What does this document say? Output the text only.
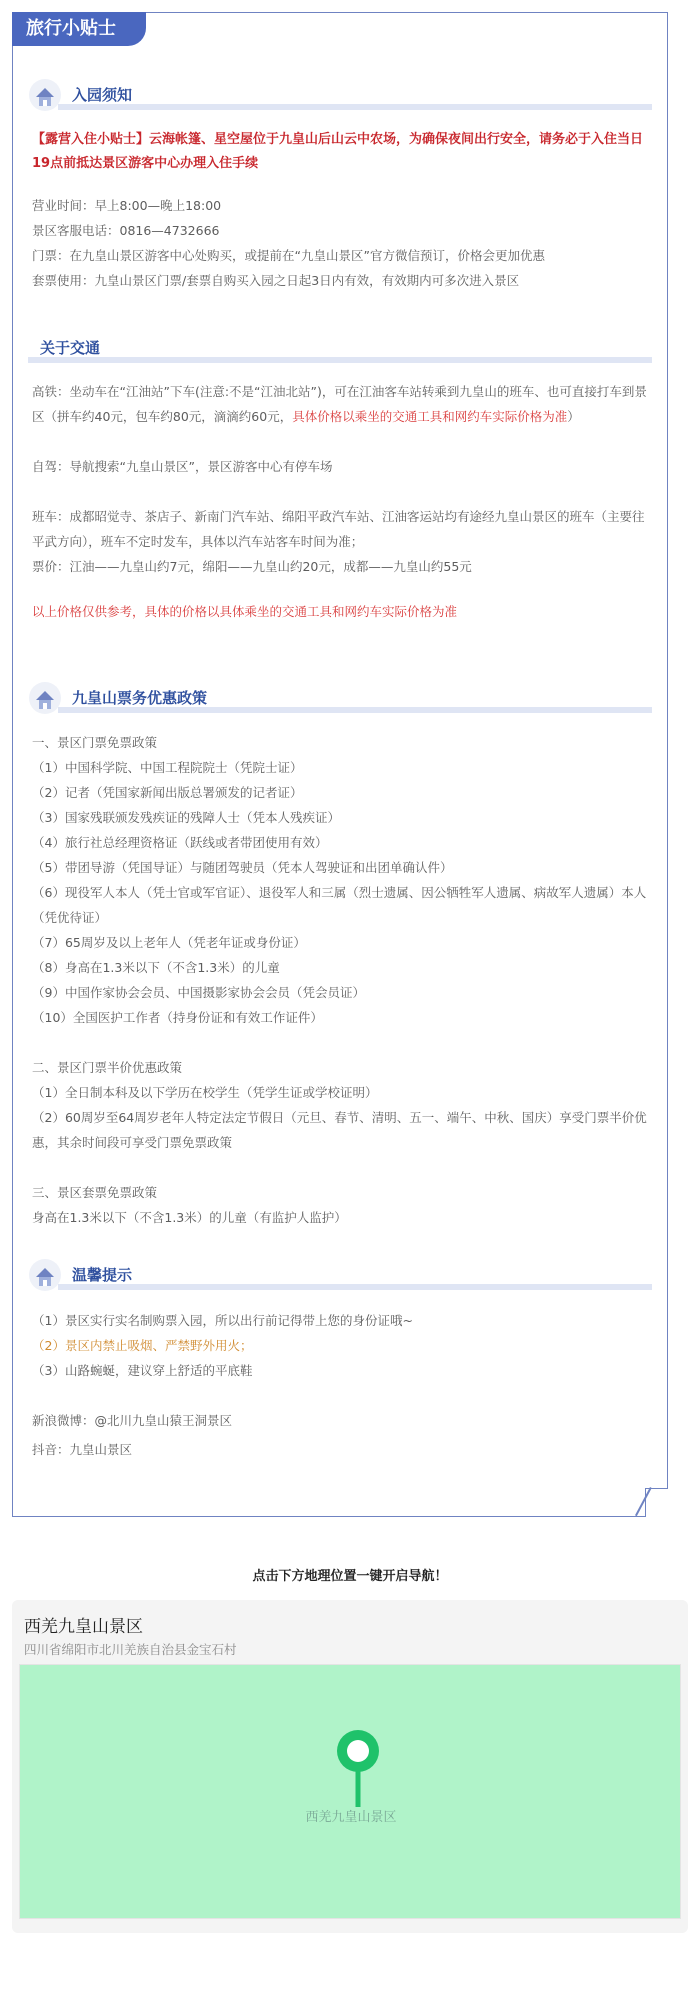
旅行小贴士
入园须知

【露营入住小贴士】云海帐篷、星空屋位于九皇山后山云中农场，为确保夜间出行安全，请务必于入住当日19点前抵达景区游客中心办理入住手续

营业时间：早上8:00—晚上18:00

景区客服电话：0816—4732666

门票：在九皇山景区游客中心处购买，或提前在“九皇山景区”官方微信预订，价格会更加优惠

套票使用：九皇山景区门票/套票自购买入园之日起3日内有效，有效期内可多次进入景区

关于交通

高铁：坐动车在“江油站”下车(注意:不是“江油北站”)，可在江油客车站转乘到九皇山的班车、也可直接打车到景区（拼车约40元，包车约80元，滴滴约60元，具体价格以乘坐的交通工具和网约车实际价格为准）

自驾：导航搜索“九皇山景区”，景区游客中心有停车场

班车：成都昭觉寺、茶店子、新南门汽车站、绵阳平政汽车站、江油客运站均有途经九皇山景区的班车（主要往平武方向），班车不定时发车，具体以汽车站客车时间为准；

票价：江油——九皇山约7元，绵阳——九皇山约20元，成都——九皇山约55元

以上价格仅供参考，具体的价格以具体乘坐的交通工具和网约车实际价格为准

九皇山票务优惠政策

一、景区门票免票政策

（1）中国科学院、中国工程院院士（凭院士证）

（2）记者（凭国家新闻出版总署颁发的记者证）

（3）国家残联颁发残疾证的残障人士（凭本人残疾证）

（4）旅行社总经理资格证（跃线或者带团使用有效）

（5）带团导游（凭国导证）与随团驾驶员（凭本人驾驶证和出团单确认件）

（6）现役军人本人（凭士官或军官证）、退役军人和三属（烈士遗属、因公牺牲军人遗属、病故军人遗属）本人（凭优待证）

（7）65周岁及以上老年人（凭老年证或身份证）

（8）身高在1.3米以下（不含1.3米）的儿童

（9）中国作家协会会员、中国摄影家协会会员（凭会员证）

（10）全国医护工作者（持身份证和有效工作证件）

二、景区门票半价优惠政策

（1）全日制本科及以下学历在校学生（凭学生证或学校证明）

（2）60周岁至64周岁老年人特定法定节假日（元旦、春节、清明、五一、端午、中秋、国庆）享受门票半价优惠，其余时间段可享受门票免票政策

三、景区套票免票政策

身高在1.3米以下（不含1.3米）的儿童（有监护人监护）

温馨提示

（1）景区实行实名制购票入园，所以出行前记得带上您的身份证哦~

（2）景区内禁止吸烟、严禁野外用火；

（3）山路蜿蜒，建议穿上舒适的平底鞋

新浪微博：@北川九皇山猿王洞景区

抖音：九皇山景区

点击下方地理位置一键开启导航！
西羌九皇山景区
四川省绵阳市北川羌族自治县金宝石村
西羌九皇山景区
